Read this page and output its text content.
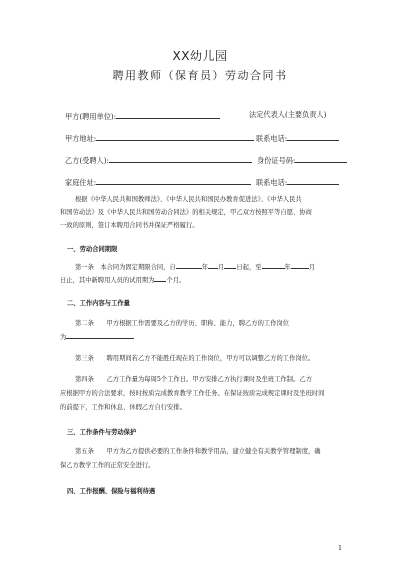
XX幼儿园
聘用教师（保育员）劳动合同书
甲方(聘用单位):	法定代表人(主要负责人)
甲方地址:	联系电话:
乙方(受聘人):	身份证号码:
家庭住址:	联系电话:
根据《中华人民共和国教师法》、《中华人民共和国民办教育促进法》、《中华人民共
和国劳动法》及《中华人民共和国劳动合同法》的相关规定，甲乙双方按照平等自愿、协商
一致的原则，签订本聘用合同书并保证严格履行。
一、劳动合同期限
第一条　本合同为固定期限合同，自	年 月 日起，至	年	月
日止，其中新聘用人员的试用期为 个月。
二、工作内容与工作量
第二条　　甲方根据工作需要及乙方的学历、职称、能力，聘乙方的工作岗位
为
第三条　　聘用期间若乙方不能胜任现在的工作岗位，甲方可以调整乙方的工作岗位。
第四条　　乙方工作量为每周5个工作日。甲方安排乙方执行课时及坐班工作制。乙方
应根据甲方的合法要求，按时按质完成教育教学工作任务。在保证按质完成规定课时及坐班时间
的前提下，工作和休息、休假乙方自行安排。
三、工作条件与劳动保护
第五条　　甲方为乙方提供必要的工作条件和教学用品，建立健全有关教学管理制度，确
保乙方教学工作的正常安全进行。
四、工作报酬、保险与福利待遇
1
